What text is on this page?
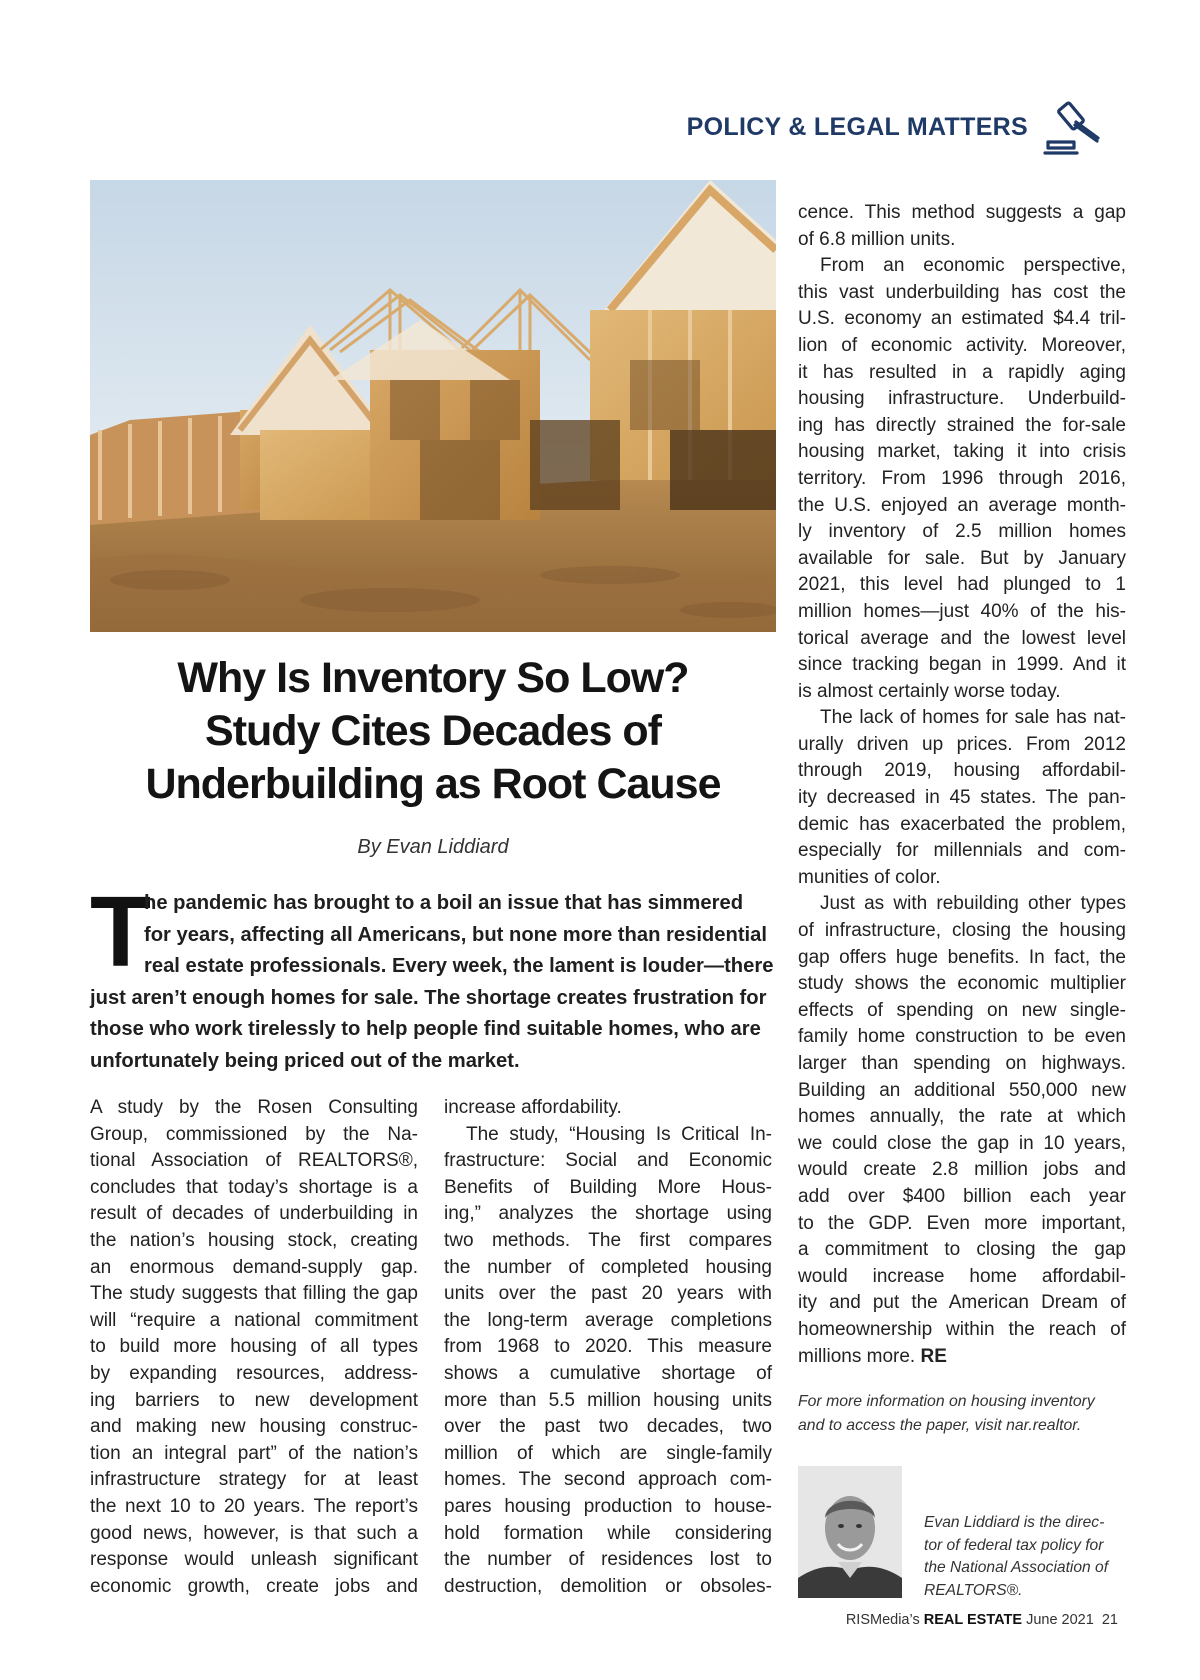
POLICY & LEGAL MATTERS
Why Is Inventory So Low?
Study Cites Decades of
Underbuilding as Root Cause
By Evan Liddiard
T
he pandemic has brought to a boil an issue that has simmered
for years, affecting all Americans, but none more than residential
real estate professionals. Every week, the lament is louder—there
just aren’t enough homes for sale. The shortage creates frustration for
those who work tirelessly to help people find suitable homes, who are
unfortunately being priced out of the market.
A study by the Rosen Consulting
Group, commissioned by the Na-
tional Association of REALTORS®,
concludes that today’s shortage is a
result of decades of underbuilding in
the nation’s housing stock, creating
an enormous demand-supply gap.
The study suggests that filling the gap
will “require a national commitment
to build more housing of all types
by expanding resources, address-
ing barriers to new development
and making new housing construc-
tion an integral part” of the nation’s
infrastructure strategy for at least
the next 10 to 20 years. The report’s
good news, however, is that such a
response would unleash significant
economic growth, create jobs and
increase affordability.
The study, “Housing Is Critical In-
frastructure: Social and Economic
Benefits of Building More Hous-
ing,” analyzes the shortage using
two methods. The first compares
the number of completed housing
units over the past 20 years with
the long-term average completions
from 1968 to 2020. This measure
shows a cumulative shortage of
more than 5.5 million housing units
over the past two decades, two
million of which are single-family
homes. The second approach com-
pares housing production to house-
hold formation while considering
the number of residences lost to
destruction, demolition or obsoles-
cence. This method suggests a gap
of 6.8 million units.
From an economic perspective,
this vast underbuilding has cost the
U.S. economy an estimated $4.4 tril-
lion of economic activity. Moreover,
it has resulted in a rapidly aging
housing infrastructure. Underbuild-
ing has directly strained the for-sale
housing market, taking it into crisis
territory. From 1996 through 2016,
the U.S. enjoyed an average month-
ly inventory of 2.5 million homes
available for sale. But by January
2021, this level had plunged to 1
million homes—just 40% of the his-
torical average and the lowest level
since tracking began in 1999. And it
is almost certainly worse today.
The lack of homes for sale has nat-
urally driven up prices. From 2012
through 2019, housing affordabil-
ity decreased in 45 states. The pan-
demic has exacerbated the problem,
especially for millennials and com-
munities of color.
Just as with rebuilding other types
of infrastructure, closing the housing
gap offers huge benefits. In fact, the
study shows the economic multiplier
effects of spending on new single-
family home construction to be even
larger than spending on highways.
Building an additional 550,000 new
homes annually, the rate at which
we could close the gap in 10 years,
would create 2.8 million jobs and
add over $400 billion each year
to the GDP. Even more important,
a commitment to closing the gap
would increase home affordabil-
ity and put the American Dream of
homeownership within the reach of
millions more. RE
For more information on housing inventory
and to access the paper, visit nar.realtor.
Evan Liddiard is the direc-
tor of federal tax policy for
the National Association of
REALTORS®.
RISMedia’s REAL ESTATE June 2021 21
